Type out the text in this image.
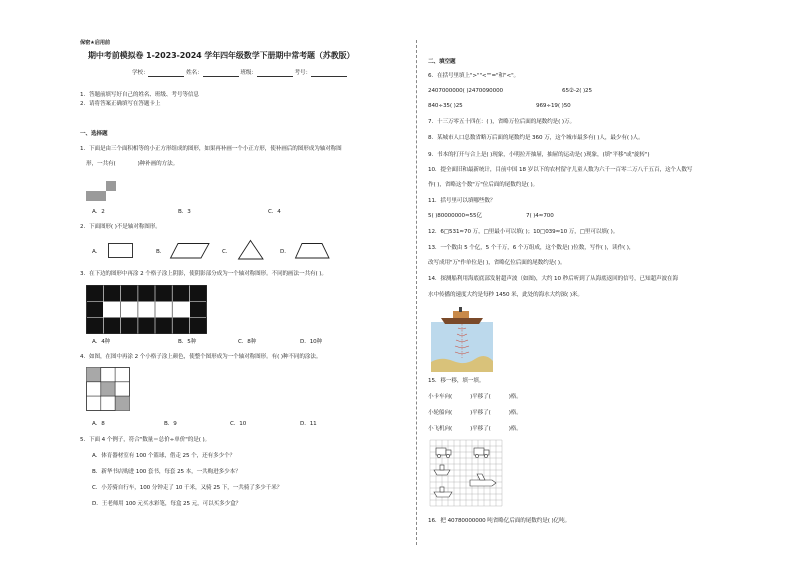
保密★启用前
期中考前模拟卷 1-2023-2024 学年四年级数学下册期中常考题（苏教版）
学校：	姓名：	班级：	考号：
1．答题前填写好自己的姓名、班级、考号等信息
2．请将答案正确填写在答题卡上
一、选择题
1．下面是由三个面积相等的小正方形组成的图形，如果再补画一个小正方形，使补画后的图形成为轴对称图
形，一共有(	)种补画的方法。
A．2	B．3	C．4
2．下面图形( )不是轴对称图形。
A．	B．	C．	D．
3．在下边的图形中再涂 2 个格子涂上阴影，使阴影部分成为一个轴对称图形。不同的画法一共有( )。
A．4种	B．5种	C．8种	D．10种
4．如图，在图中再涂 2 个小格子涂上颜色，使整个图形成为一个轴对称图形。有( )种不同的涂法。
A．8	B．9	C．10	D．11
5．下面 4 个例子，符合"数量＝总价÷单价"的是( )。
A．体育器材室有 100 个篮球，借走 25 个，还有多少个？
B．新华书店购进 100 套书，每套 25 本，一共购进多少本？
C．小芳骑自行车，100 分钟走了 10 千米，又骑 25 下，一共骑了多少千米？
D．王老师用 100 元买水彩笔，每盒 25 元，可以买多少盒？
二、填空题
6．在括号里填上">""<""="和"<"。
2407000000( )2470090000	65②-2( )25
840÷35( )25	969÷19( )50
7．十三万零五十四在：( )，省略万位后面的尾数约是( )万。
8．某城市人口总数省略万后面的尾数约是 360 万，这个城市最多有( )人，最少有( )人。
9．书本的打开与合上是( )现象，小明拉开抽屉，抽屉的运动是( )现象，(填"平移"或"旋转")
10．提全面旧和最新统计，目前中国 18 岁以下的农村留守儿童人数为六千一百零二万八千五百，这个人数写
作( )，省略这个数"万"位后面的尾数约是( )。
11．括号里可以填哪些数？
5( )80000000≈55亿	7( )4≈700
12．6□531≈70 万，□里最小可以填( )；10□039≈10 万，□里可以填( )。
13．一个数由 5 个亿，5 个千万，6 个万组成，这个数是( )位数，写作( )，读作( )，
改写成用"万"作单位是( )，省略亿位后面的尾数约是( )。
14．探测船利用海底底部发射超声波（如图)，大约 10 秒后听到了从海底返回的信号，已知超声波在海
水中传播的速度大约是每秒 1450 米，此处的海水大约深( )米。
15．移一移，填一填。
小卡车向(	)平移了(	)格。
小轮船向(	)平移了(	)格。
小飞机向(	)平移了(	)格。
16．把 40780000000 吨省略亿后面的尾数约是( )亿吨。
